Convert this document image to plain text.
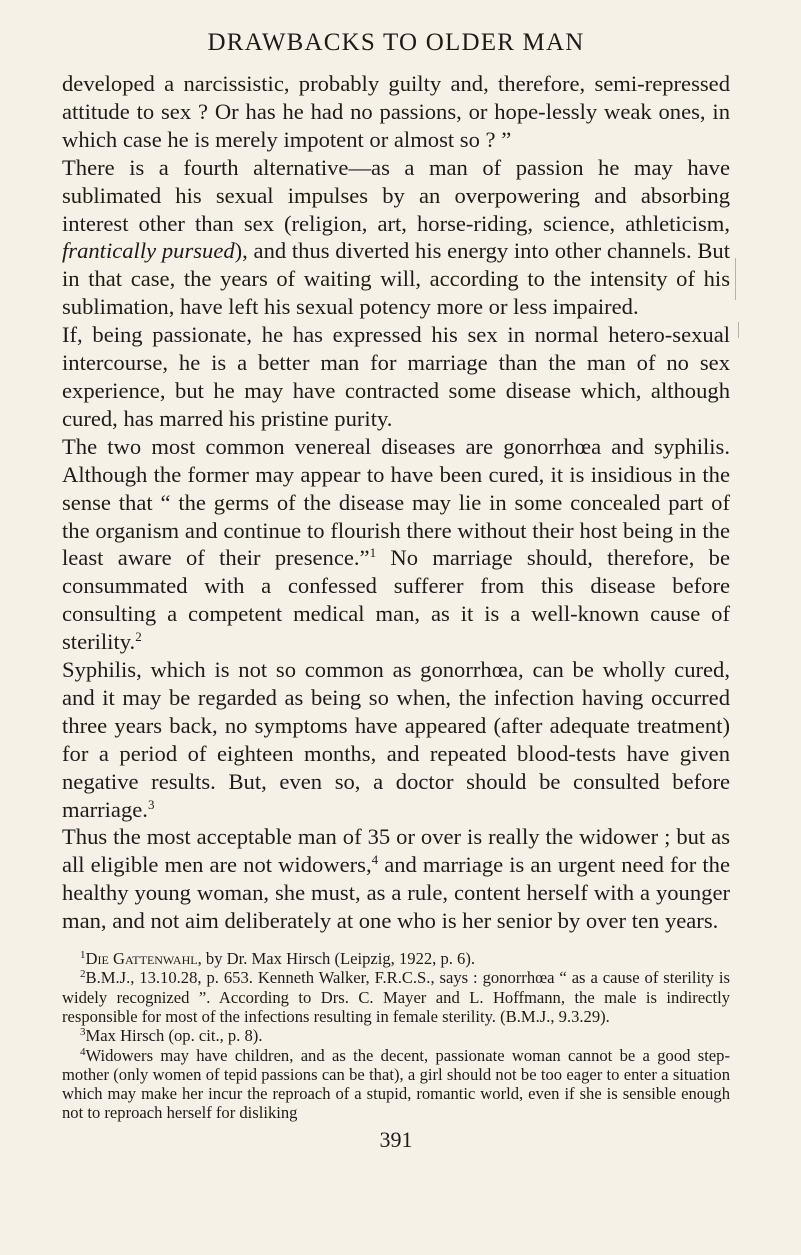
DRAWBACKS TO OLDER MAN

developed a narcissistic, probably guilty and, therefore, semi-repressed attitude to sex ? Or has he had no passions, or hope-lessly weak ones, in which case he is merely impotent or almost so ? ”

There is a fourth alternative—as a man of passion he may have sublimated his sexual impulses by an overpowering and absorbing interest other than sex (religion, art, horse-riding, science, athleticism, frantically pursued), and thus diverted his energy into other channels. But in that case, the years of waiting will, according to the intensity of his sublimation, have left his sexual potency more or less impaired.

If, being passionate, he has expressed his sex in normal hetero-sexual intercourse, he is a better man for marriage than the man of no sex experience, but he may have contracted some disease which, although cured, has marred his pristine purity.

The two most common venereal diseases are gonorrhœa and syphilis. Although the former may appear to have been cured, it is insidious in the sense that “ the germs of the disease may lie in some concealed part of the organism and continue to flourish there without their host being in the least aware of their presence.”$^1$ No marriage should, therefore, be consummated with a confessed sufferer from this disease before consulting a competent medical man, as it is a well-known cause of sterility.$^2$

Syphilis, which is not so common as gonorrhœa, can be wholly cured, and it may be regarded as being so when, the infection having occurred three years back, no symptoms have appeared (after adequate treatment) for a period of eighteen months, and repeated blood-tests have given negative results. But, even so, a doctor should be consulted before marriage.$^3$

Thus the most acceptable man of 35 or over is really the widower ; but as all eligible men are not widowers,$^4$ and marriage is an urgent need for the healthy young woman, she must, as a rule, content herself with a younger man, and not aim deliberately at one who is her senior by over ten years.

$^1$Die Gattenwahl, by Dr. Max Hirsch (Leipzig, 1922, p. 6).

$^2$B.M.J., 13.10.28, p. 653. Kenneth Walker, F.R.C.S., says : gonorrhœa “ as a cause of sterility is widely recognized ”. According to Drs. C. Mayer and L. Hoffmann, the male is indirectly responsible for most of the infections resulting in female sterility. (B.M.J., 9.3.29).

$^3$Max Hirsch (op. cit., p. 8).

$^4$Widowers may have children, and as the decent, passionate woman cannot be a good step-mother (only women of tepid passions can be that), a girl should not be too eager to enter a situation which may make her incur the reproach of a stupid, romantic world, even if she is sensible enough not to reproach herself for disliking

391
